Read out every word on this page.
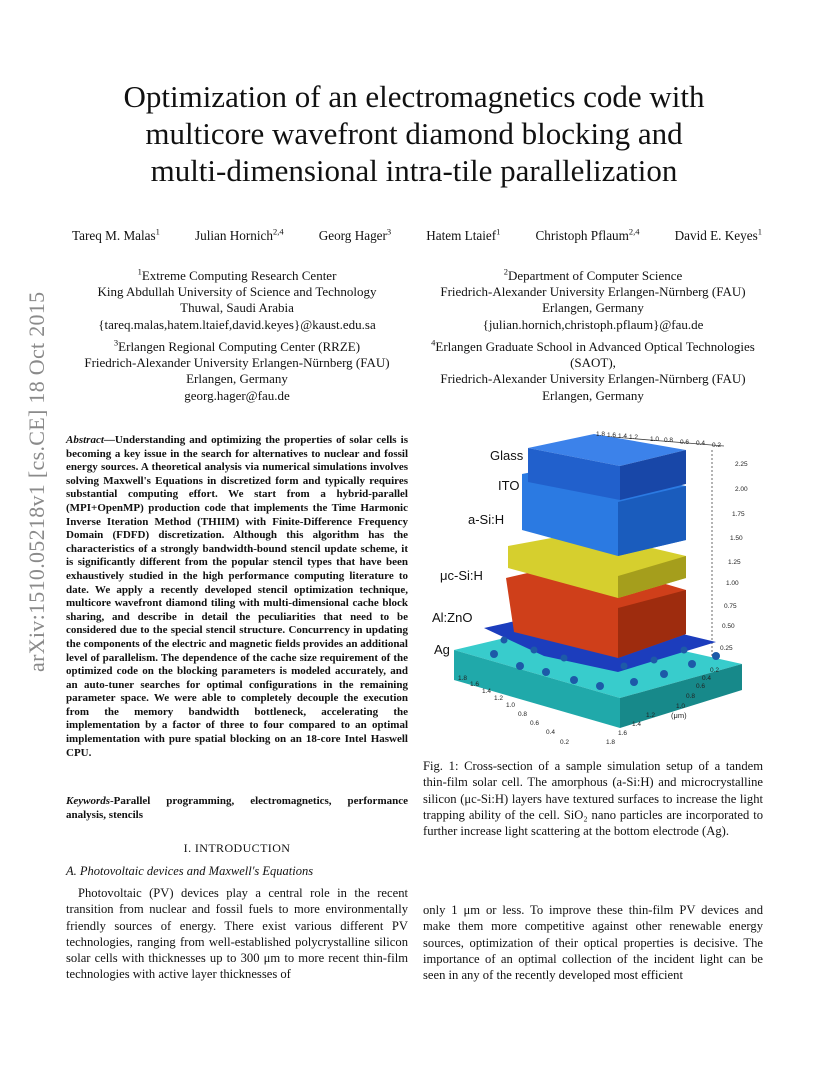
Optimization of an electromagnetics code with
multicore wavefront diamond blocking and
multi-dimensional intra-tile parallelization
Tareq M. Malas$^1$	Julian Hornich$^{2,4}$	Georg Hager$^3$	Hatem Ltaief$^1$	Christoph Pflaum$^{2,4}$	David E. Keyes$^1$
$^1$Extreme Computing Research Center
King Abdullah University of Science and Technology
Thuwal, Saudi Arabia
{tareq.malas,hatem.ltaief,david.keyes}@kaust.edu.sa
$^2$Department of Computer Science
Friedrich-Alexander University Erlangen-Nürnberg (FAU)
Erlangen, Germany
{julian.hornich,christoph.pflaum}@fau.de
$^3$Erlangen Regional Computing Center (RRZE)
Friedrich-Alexander University Erlangen-Nürnberg (FAU)
Erlangen, Germany
georg.hager@fau.de
$^4$Erlangen Graduate School in Advanced Optical Technologies
(SAOT),
Friedrich-Alexander University Erlangen-Nürnberg (FAU)
Erlangen, Germany
arXiv:1510.05218v1 [cs.CE] 18 Oct 2015 Abstract—Understanding and optimizing the properties of solar cells is becoming a key issue in the search for alternatives to nuclear and fossil energy sources. A theoretical analysis via numerical simulations involves solving Maxwell's Equations in discretized form and typically requires substantial computing effort. We start from a hybrid-parallel (MPI+OpenMP) production code that implements the Time Harmonic Inverse Iteration Method (THIIM) with Finite-Difference Frequency Domain (FDFD) discretization. Although this algorithm has the characteristics of a strongly bandwidth-bound stencil update scheme, it is significantly different from the popular stencil types that have been exhaustively studied in the high performance computing literature to date. We apply a recently developed stencil optimization technique, multicore wavefront diamond tiling with multi-dimensional cache block sharing, and describe in detail the peculiarities that need to be considered due to the special stencil structure. Concurrency in updating the components of the electric and magnetic fields provides an additional level of parallelism. The dependence of the cache size requirement of the optimized code on the blocking parameters is modeled accurately, and an auto-tuner searches for optimal configurations in the remaining parameter space. We were able to completely decouple the execution from the memory bandwidth bottleneck, accelerating the implementation by a factor of three to four compared to an optimal implementation with pure spatial blocking on an 18-core Intel Haswell CPU.
Keywords-Parallel programming, electromagnetics, performance analysis, stencils
I. INTRODUCTION
A. Photovoltaic devices and Maxwell's Equations
Photovoltaic (PV) devices play a central role in the recent transition from nuclear and fossil fuels to more environmentally friendly sources of energy. There exist various different PV technologies, ranging from well-established polycrystalline silicon solar cells with thicknesses up to 300 μm to more recent thin-film technologies with active layer thicknesses of
only 1 μm or less. To improve these thin-film PV devices and make them more competitive against other renewable energy sources, optimization of their optical properties is decisive. The importance of an optimal collection of the incident light can be seen in any of the recently developed most efficient
Glass
ITO
a-Si:H
μc-Si:H
Al:ZnO
Ag
1.8 1.6 1.4 1.2 1.0 0.8 0.6 0.4 0.2
2.25
2.00
1.75
1.50
1.25
1.00
0.75
0.50
0.25
1.8
1.6
1.4
1.2
1.0
0.8
0.6
0.4
0.2	1.8
1.6
1.4
1.2
1.0
0.8
0.6
0.4
0.2
(μm)
Fig. 1: Cross-section of a sample simulation setup of a tandem thin-film solar cell. The amorphous (a-Si:H) and microcrystalline silicon (μc-Si:H) layers have textured surfaces to increase the light trapping ability of the cell. SiO₂ nano particles are incorporated to further increase light scattering at the bottom electrode (Ag).
